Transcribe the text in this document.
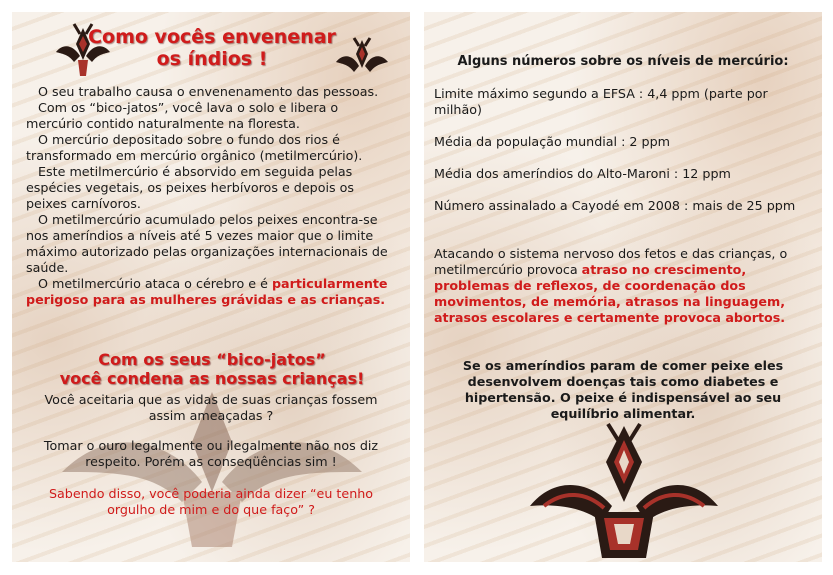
Como vocês envenenar
os índios !

O seu trabalho causa o envenenamento das pessoas.

Com os “bico-jatos”, você lava o solo e libera o mercúrio contido naturalmente na floresta.

O mercúrio depositado sobre o fundo dos rios é transformado em mercúrio orgânico (metilmercúrio).

Este metilmercúrio é absorvido em seguida pelas espécies vegetais, os peixes herbívoros e depois os peixes carnívoros.

O metilmercúrio acumulado pelos peixes encontra-se nos ameríndios a níveis até 5 vezes maior que o limite máximo autorizado pelas organizações internacionais de saúde.

O metilmercúrio ataca o cérebro e é particularmente perigoso para as mulheres grávidas e as crianças.

Com os seus “bico-jatos”
você condena as nossas crianças!

Você aceitaria que as vidas de suas crianças fossem assim ameaçadas ?

Tomar o ouro legalmente ou ilegalmente não nos diz respeito. Porém as conseqüências sim !

Sabendo disso, você poderia ainda dizer “eu tenho orgulho de mim e do que faço” ?

Alguns números sobre os níveis de mercúrio:

Limite máximo segundo a EFSA : 4,4 ppm (parte por milhão)

Média da população mundial : 2 ppm

Média dos ameríndios do Alto-Maroni : 12 ppm

Número assinalado a Cayodé em 2008 : mais de 25 ppm

Atacando o sistema nervoso dos fetos e das crianças, o metilmercúrio provoca atraso no crescimento, problemas de reflexos, de coordenação dos movimentos, de memória, atrasos na linguagem, atrasos escolares e certamente provoca abortos.

Se os ameríndios param de comer peixe eles desenvolvem doenças tais como diabetes e hipertensão. O peixe é indispensável ao seu equilíbrio alimentar.
